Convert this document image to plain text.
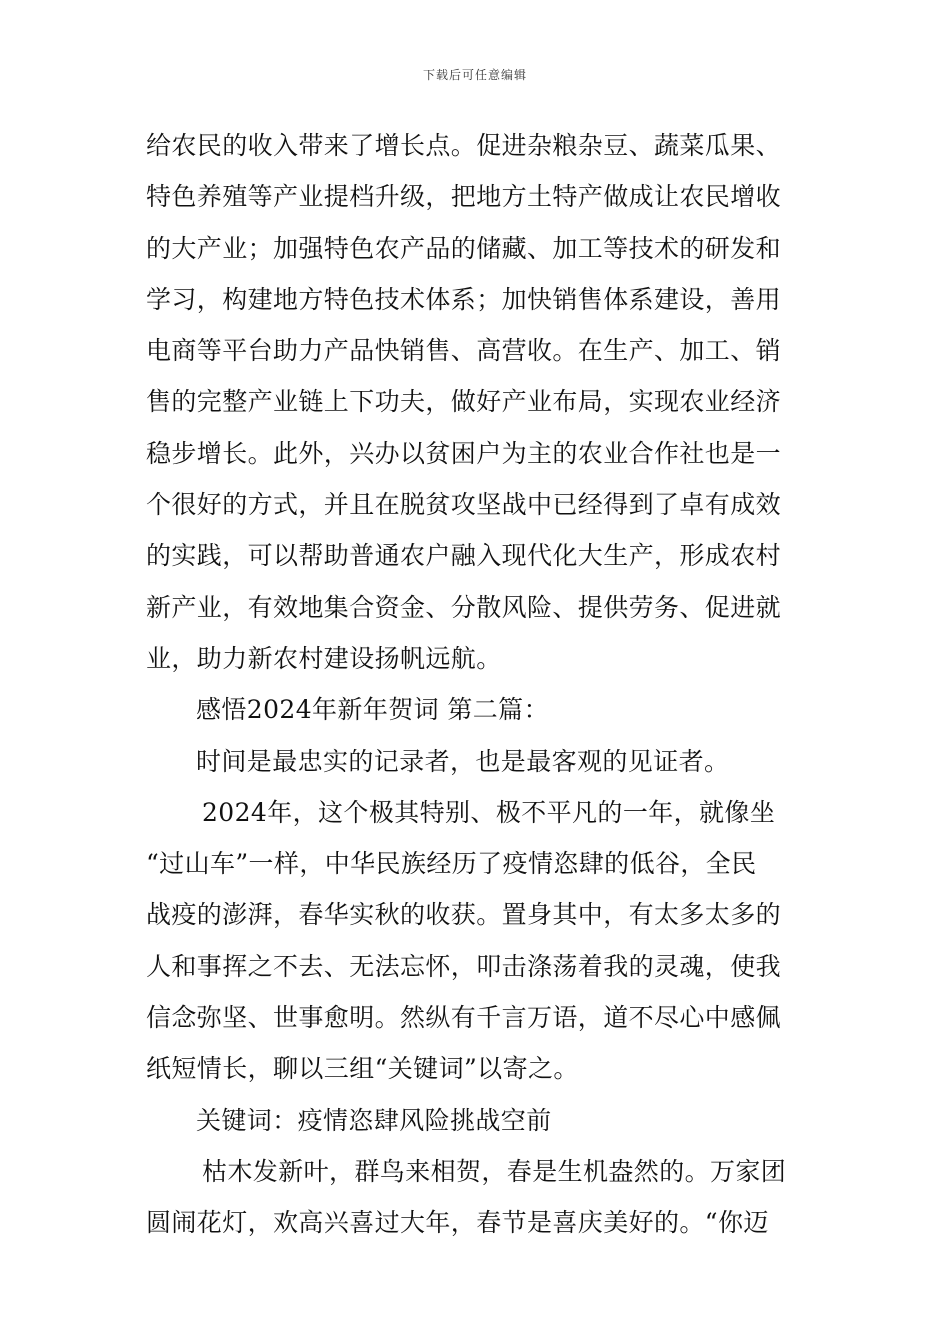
下载后可任意编辑
给农民的收入带来了增长点。促进杂粮杂豆、蔬菜瓜果、
特色养殖等产业提档升级，把地方土特产做成让农民增收
的大产业；加强特色农产品的储藏、加工等技术的研发和
学习，构建地方特色技术体系；加快销售体系建设，善用
电商等平台助力产品快销售、高营收。在生产、加工、销
售的完整产业链上下功夫，做好产业布局，实现农业经济
稳步增长。此外，兴办以贫困户为主的农业合作社也是一
个很好的方式，并且在脱贫攻坚战中已经得到了卓有成效
的实践，可以帮助普通农户融入现代化大生产，形成农村
新产业，有效地集合资金、分散风险、提供劳务、促进就
业，助力新农村建设扬帆远航。
感悟2024年新年贺词 第二篇：
时间是最忠实的记录者，也是最客观的见证者。
2024年，这个极其特别、极不平凡的一年，就像坐
“过山车”一样，中华民族经历了疫情恣肆的低谷，全民
战疫的澎湃，春华实秋的收获。置身其中，有太多太多的
人和事挥之不去、无法忘怀，叩击涤荡着我的灵魂，使我
信念弥坚、世事愈明。然纵有千言万语，道不尽心中感佩
纸短情长，聊以三组“关键词”以寄之。
关键词：疫情恣肆风险挑战空前
枯木发新叶，群鸟来相贺，春是生机盎然的。万家团
圆闹花灯，欢高兴喜过大年，春节是喜庆美好的。“你迈
